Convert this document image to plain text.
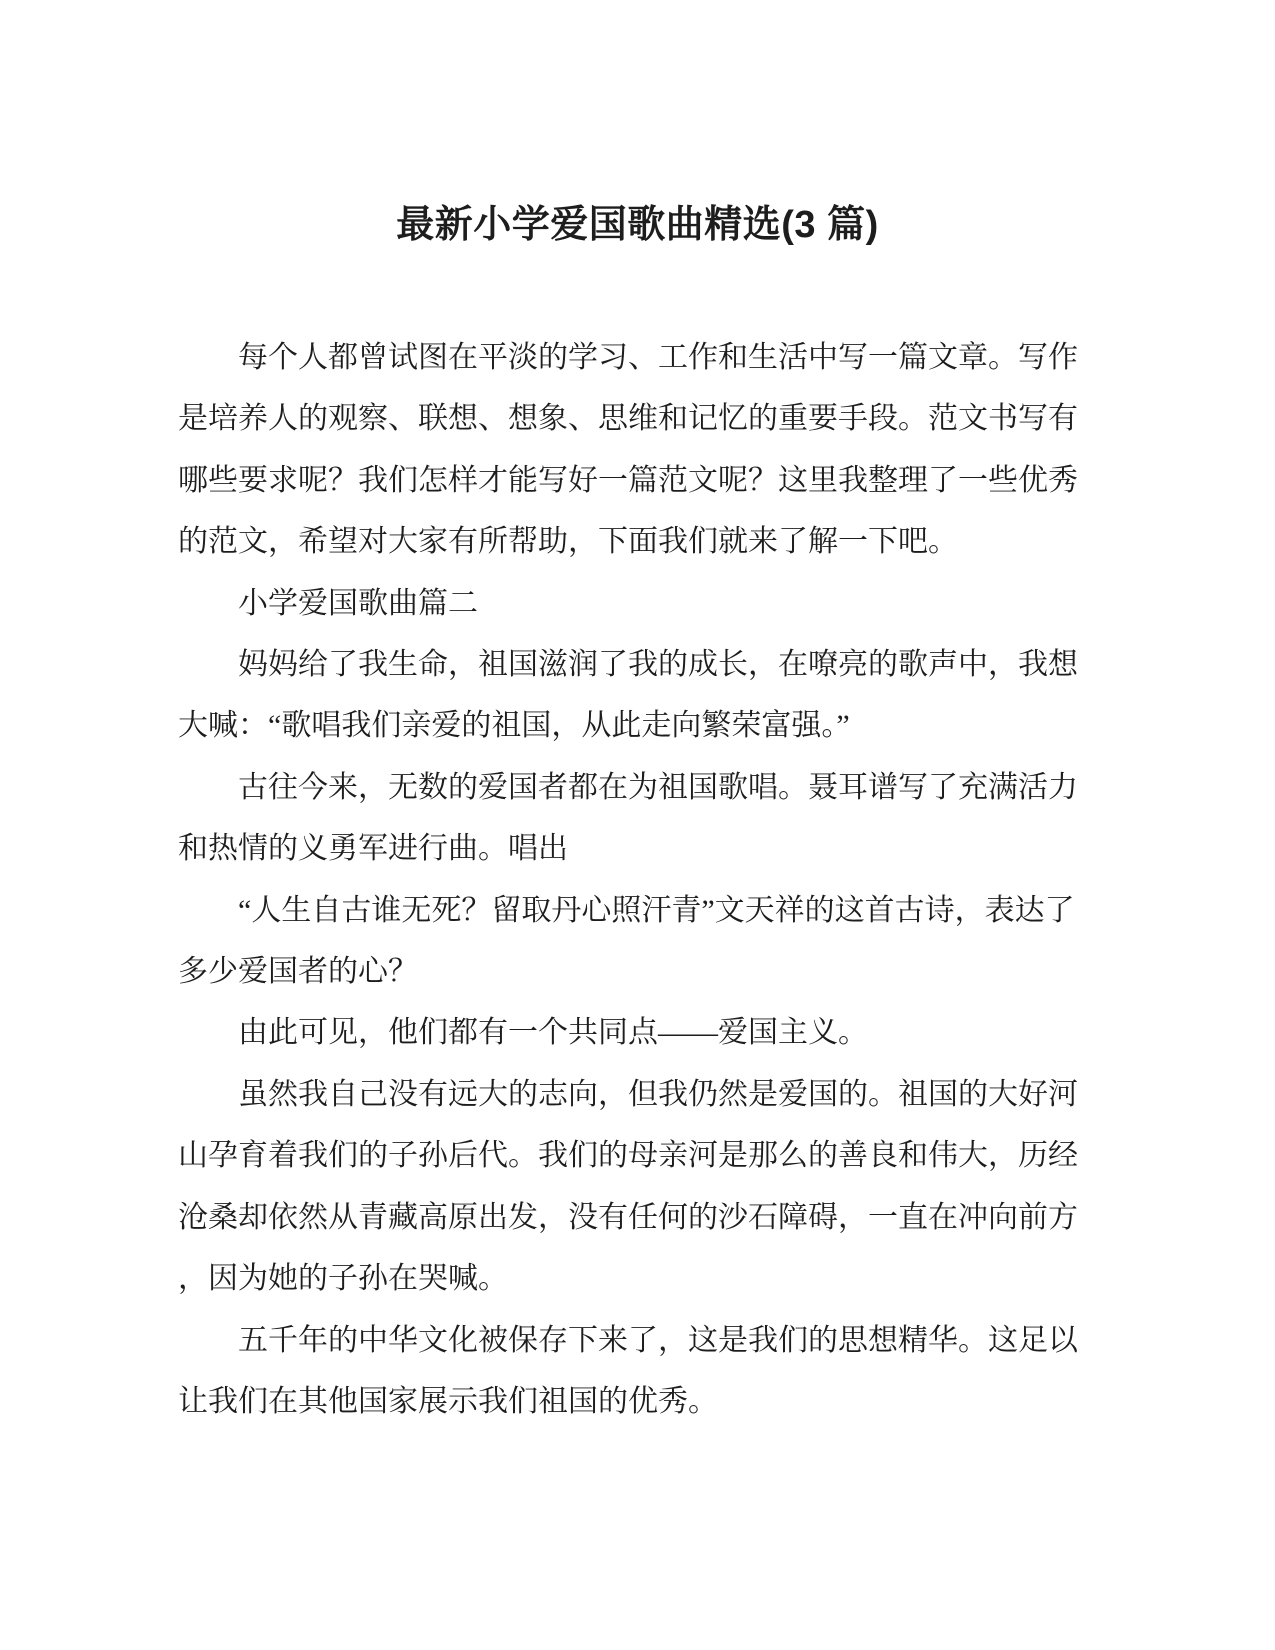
最新小学爱国歌曲精选(3 篇)
每个人都曾试图在平淡的学习、工作和生活中写一篇文章。写作
是培养人的观察、联想、想象、思维和记忆的重要手段。范文书写有
哪些要求呢？我们怎样才能写好一篇范文呢？这里我整理了一些优秀
的范文，希望对大家有所帮助，下面我们就来了解一下吧。
小学爱国歌曲篇二
妈妈给了我生命，祖国滋润了我的成长，在嘹亮的歌声中，我想
大喊：“歌唱我们亲爱的祖国，从此走向繁荣富强。”
古往今来，无数的爱国者都在为祖国歌唱。聂耳谱写了充满活力
和热情的义勇军进行曲。唱出
“人生自古谁无死？留取丹心照汗青”文天祥的这首古诗，表达了
多少爱国者的心？
由此可见，他们都有一个共同点——爱国主义。
虽然我自己没有远大的志向，但我仍然是爱国的。祖国的大好河
山孕育着我们的子孙后代。我们的母亲河是那么的善良和伟大，历经
沧桑却依然从青藏高原出发，没有任何的沙石障碍，一直在冲向前方
，因为她的子孙在哭喊。
五千年的中华文化被保存下来了，这是我们的思想精华。这足以
让我们在其他国家展示我们祖国的优秀。
